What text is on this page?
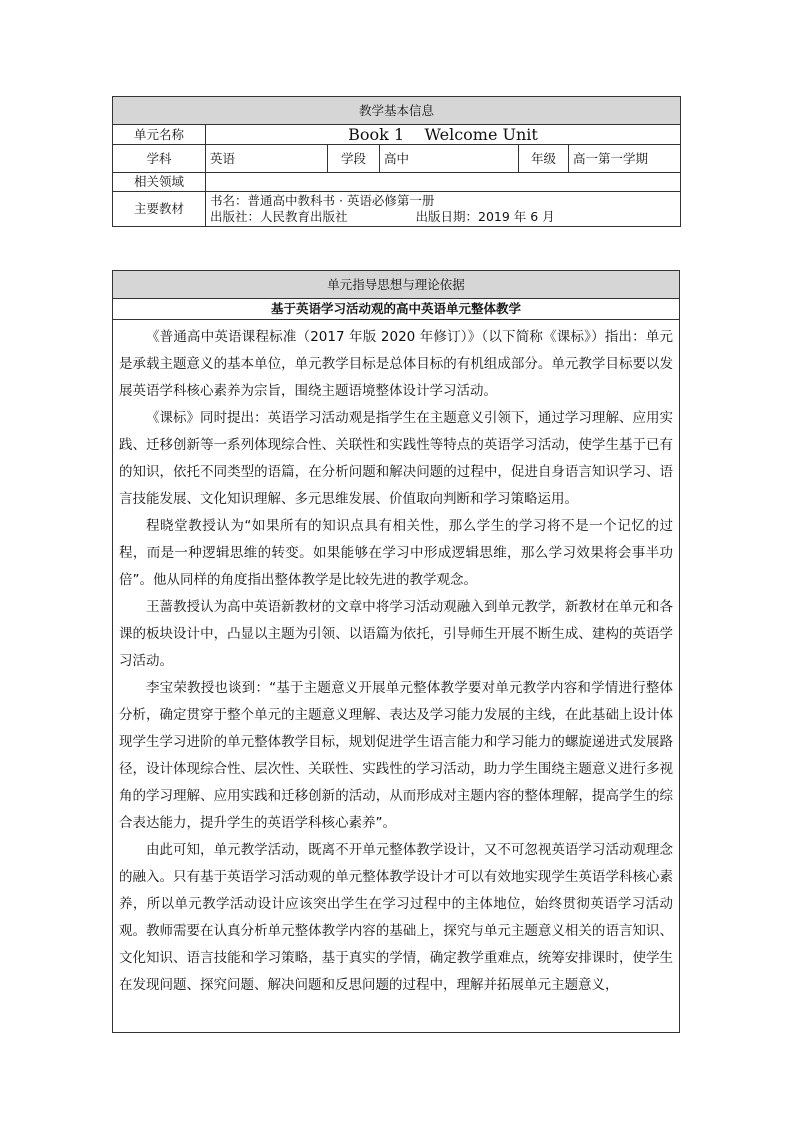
教学基本信息					
单元名称	Book 1    Welcome Unit				
学科	英语	学段	高中	年级	高一第一学期
相关领域					
主要教材	书名：普通高中教科书 · 英语必修第一册
出版社：人民教育出版社 出版日期：2019 年 6 月				
单元指导思想与理论依据
基于英语学习活动观的高中英语单元整体教学

《普通高中英语课程标准（2017 年版 2020 年修订）》（以下简称《课标》）指出：单元是承载主题意义的基本单位，单元教学目标是总体目标的有机组成部分。单元教学目标要以发展英语学科核心素养为宗旨，围绕主题语境整体设计学习活动。

《课标》同时提出：英语学习活动观是指学生在主题意义引领下，通过学习理解、应用实践、迁移创新等一系列体现综合性、关联性和实践性等特点的英语学习活动，使学生基于已有的知识，依托不同类型的语篇，在分析问题和解决问题的过程中，促进自身语言知识学习、语言技能发展、文化知识理解、多元思维发展、价值取向判断和学习策略运用。

程晓堂教授认为“如果所有的知识点具有相关性，那么学生的学习将不是一个记忆的过程，而是一种逻辑思维的转变。如果能够在学习中形成逻辑思维，那么学习效果将会事半功倍”。他从同样的角度指出整体教学是比较先进的教学观念。

王蔷教授认为高中英语新教材的文章中将学习活动观融入到单元教学，新教材在单元和各课的板块设计中，凸显以主题为引领、以语篇为依托，引导师生开展不断生成、建构的英语学习活动。

李宝荣教授也谈到：“基于主题意义开展单元整体教学要对单元教学内容和学情进行整体分析，确定贯穿于整个单元的主题意义理解、表达及学习能力发展的主线，在此基础上设计体现学生学习进阶的单元整体教学目标，规划促进学生语言能力和学习能力的螺旋递进式发展路径，设计体现综合性、层次性、关联性、实践性的学习活动，助力学生围绕主题意义进行多视角的学习理解、应用实践和迁移创新的活动，从而形成对主题内容的整体理解，提高学生的综合表达能力，提升学生的英语学科核心素养”。

由此可知，单元教学活动，既离不开单元整体教学设计，又不可忽视英语学习活动观理念的融入。只有基于英语学习活动观的单元整体教学设计才可以有效地实现学生英语学科核心素养，所以单元教学活动设计应该突出学生在学习过程中的主体地位，始终贯彻英语学习活动观。教师需要在认真分析单元整体教学内容的基础上，探究与单元主题意义相关的语言知识、文化知识、语言技能和学习策略，基于真实的学情，确定教学重难点，统筹安排课时，使学生在发现问题、探究问题、解决问题和反思问题的过程中，理解并拓展单元主题意义，
